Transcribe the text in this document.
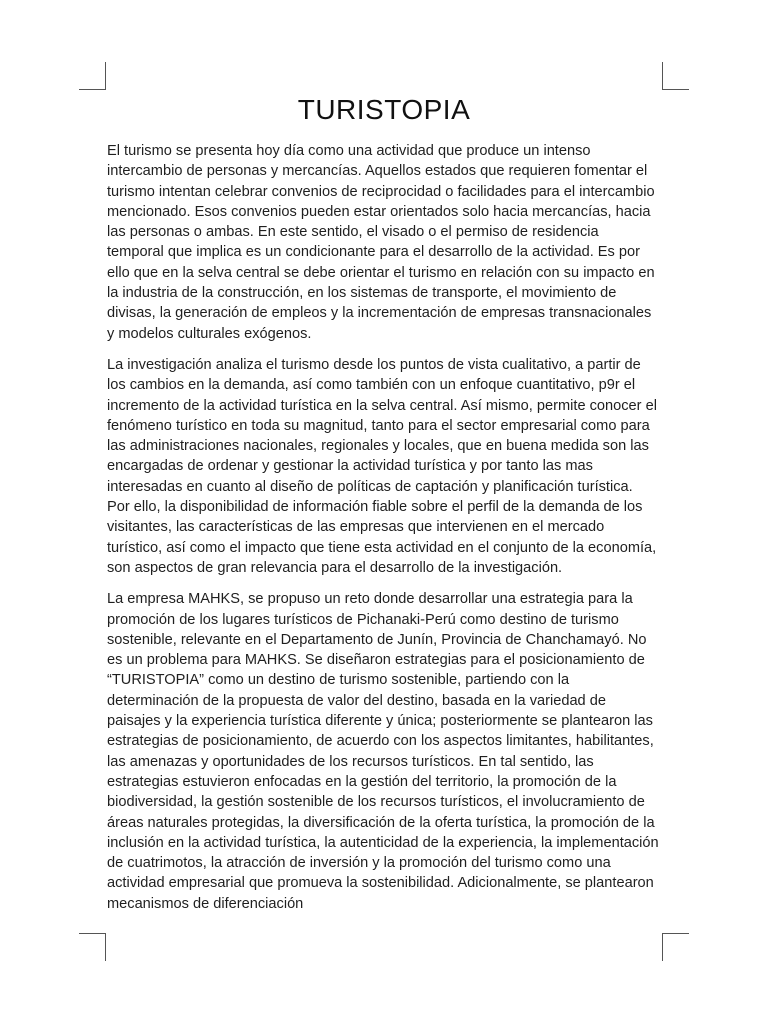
TURISTOPIA

El turismo se presenta hoy día como una actividad que produce un intenso intercambio de personas y mercancías. Aquellos estados que requieren fomentar el turismo intentan celebrar convenios de reciprocidad o facilidades para el intercambio mencionado. Esos convenios pueden estar orientados solo hacia mercancías, hacia las personas o ambas. En este sentido, el visado o el permiso de residencia temporal que implica es un condicionante para el desarrollo de la actividad. Es por ello que en la selva central se debe orientar el turismo en relación con su impacto en la industria de la construcción, en los sistemas de transporte, el movimiento de divisas, la generación de empleos y la incrementación de empresas transnacionales y modelos culturales exógenos.

La investigación analiza el turismo desde los puntos de vista cualitativo, a partir de los cambios en la demanda, así como también con un enfoque cuantitativo, p9r el incremento de la actividad turística en la selva central. Así mismo, permite conocer el fenómeno turístico en toda su magnitud, tanto para el sector empresarial como para las administraciones nacionales, regionales y locales, que en buena medida son las encargadas de ordenar y gestionar la actividad turística y por tanto las mas interesadas en cuanto al diseño de políticas de captación y planificación turística. Por ello, la disponibilidad de información fiable sobre el perfil de la demanda de los visitantes, las características de las empresas que intervienen en el mercado turístico, así como el impacto que tiene esta actividad en el conjunto de la economía, son aspectos de gran relevancia para el desarrollo de la investigación.

La empresa MAHKS, se propuso un reto donde desarrollar una estrategia para la promoción de los lugares turísticos de Pichanaki-Perú como destino de turismo sostenible, relevante en el Departamento de Junín, Provincia de Chanchamayó. No es un problema para MAHKS. Se diseñaron estrategias para el posicionamiento de “TURISTOPIA” como un destino de turismo sostenible, partiendo con la determinación de la propuesta de valor del destino, basada en la variedad de paisajes y la experiencia turística diferente y única; posteriormente se plantearon las estrategias de posicionamiento, de acuerdo con los aspectos limitantes, habilitantes, las amenazas y oportunidades de los recursos turísticos. En tal sentido, las estrategias estuvieron enfocadas en la gestión del territorio, la promoción de la biodiversidad, la gestión sostenible de los recursos turísticos, el involucramiento de áreas naturales protegidas, la diversificación de la oferta turística, la promoción de la inclusión en la actividad turística, la autenticidad de la experiencia, la implementación de cuatrimotos, la atracción de inversión y la promoción del turismo como una actividad empresarial que promueva la sostenibilidad. Adicionalmente, se plantearon mecanismos de diferenciación
